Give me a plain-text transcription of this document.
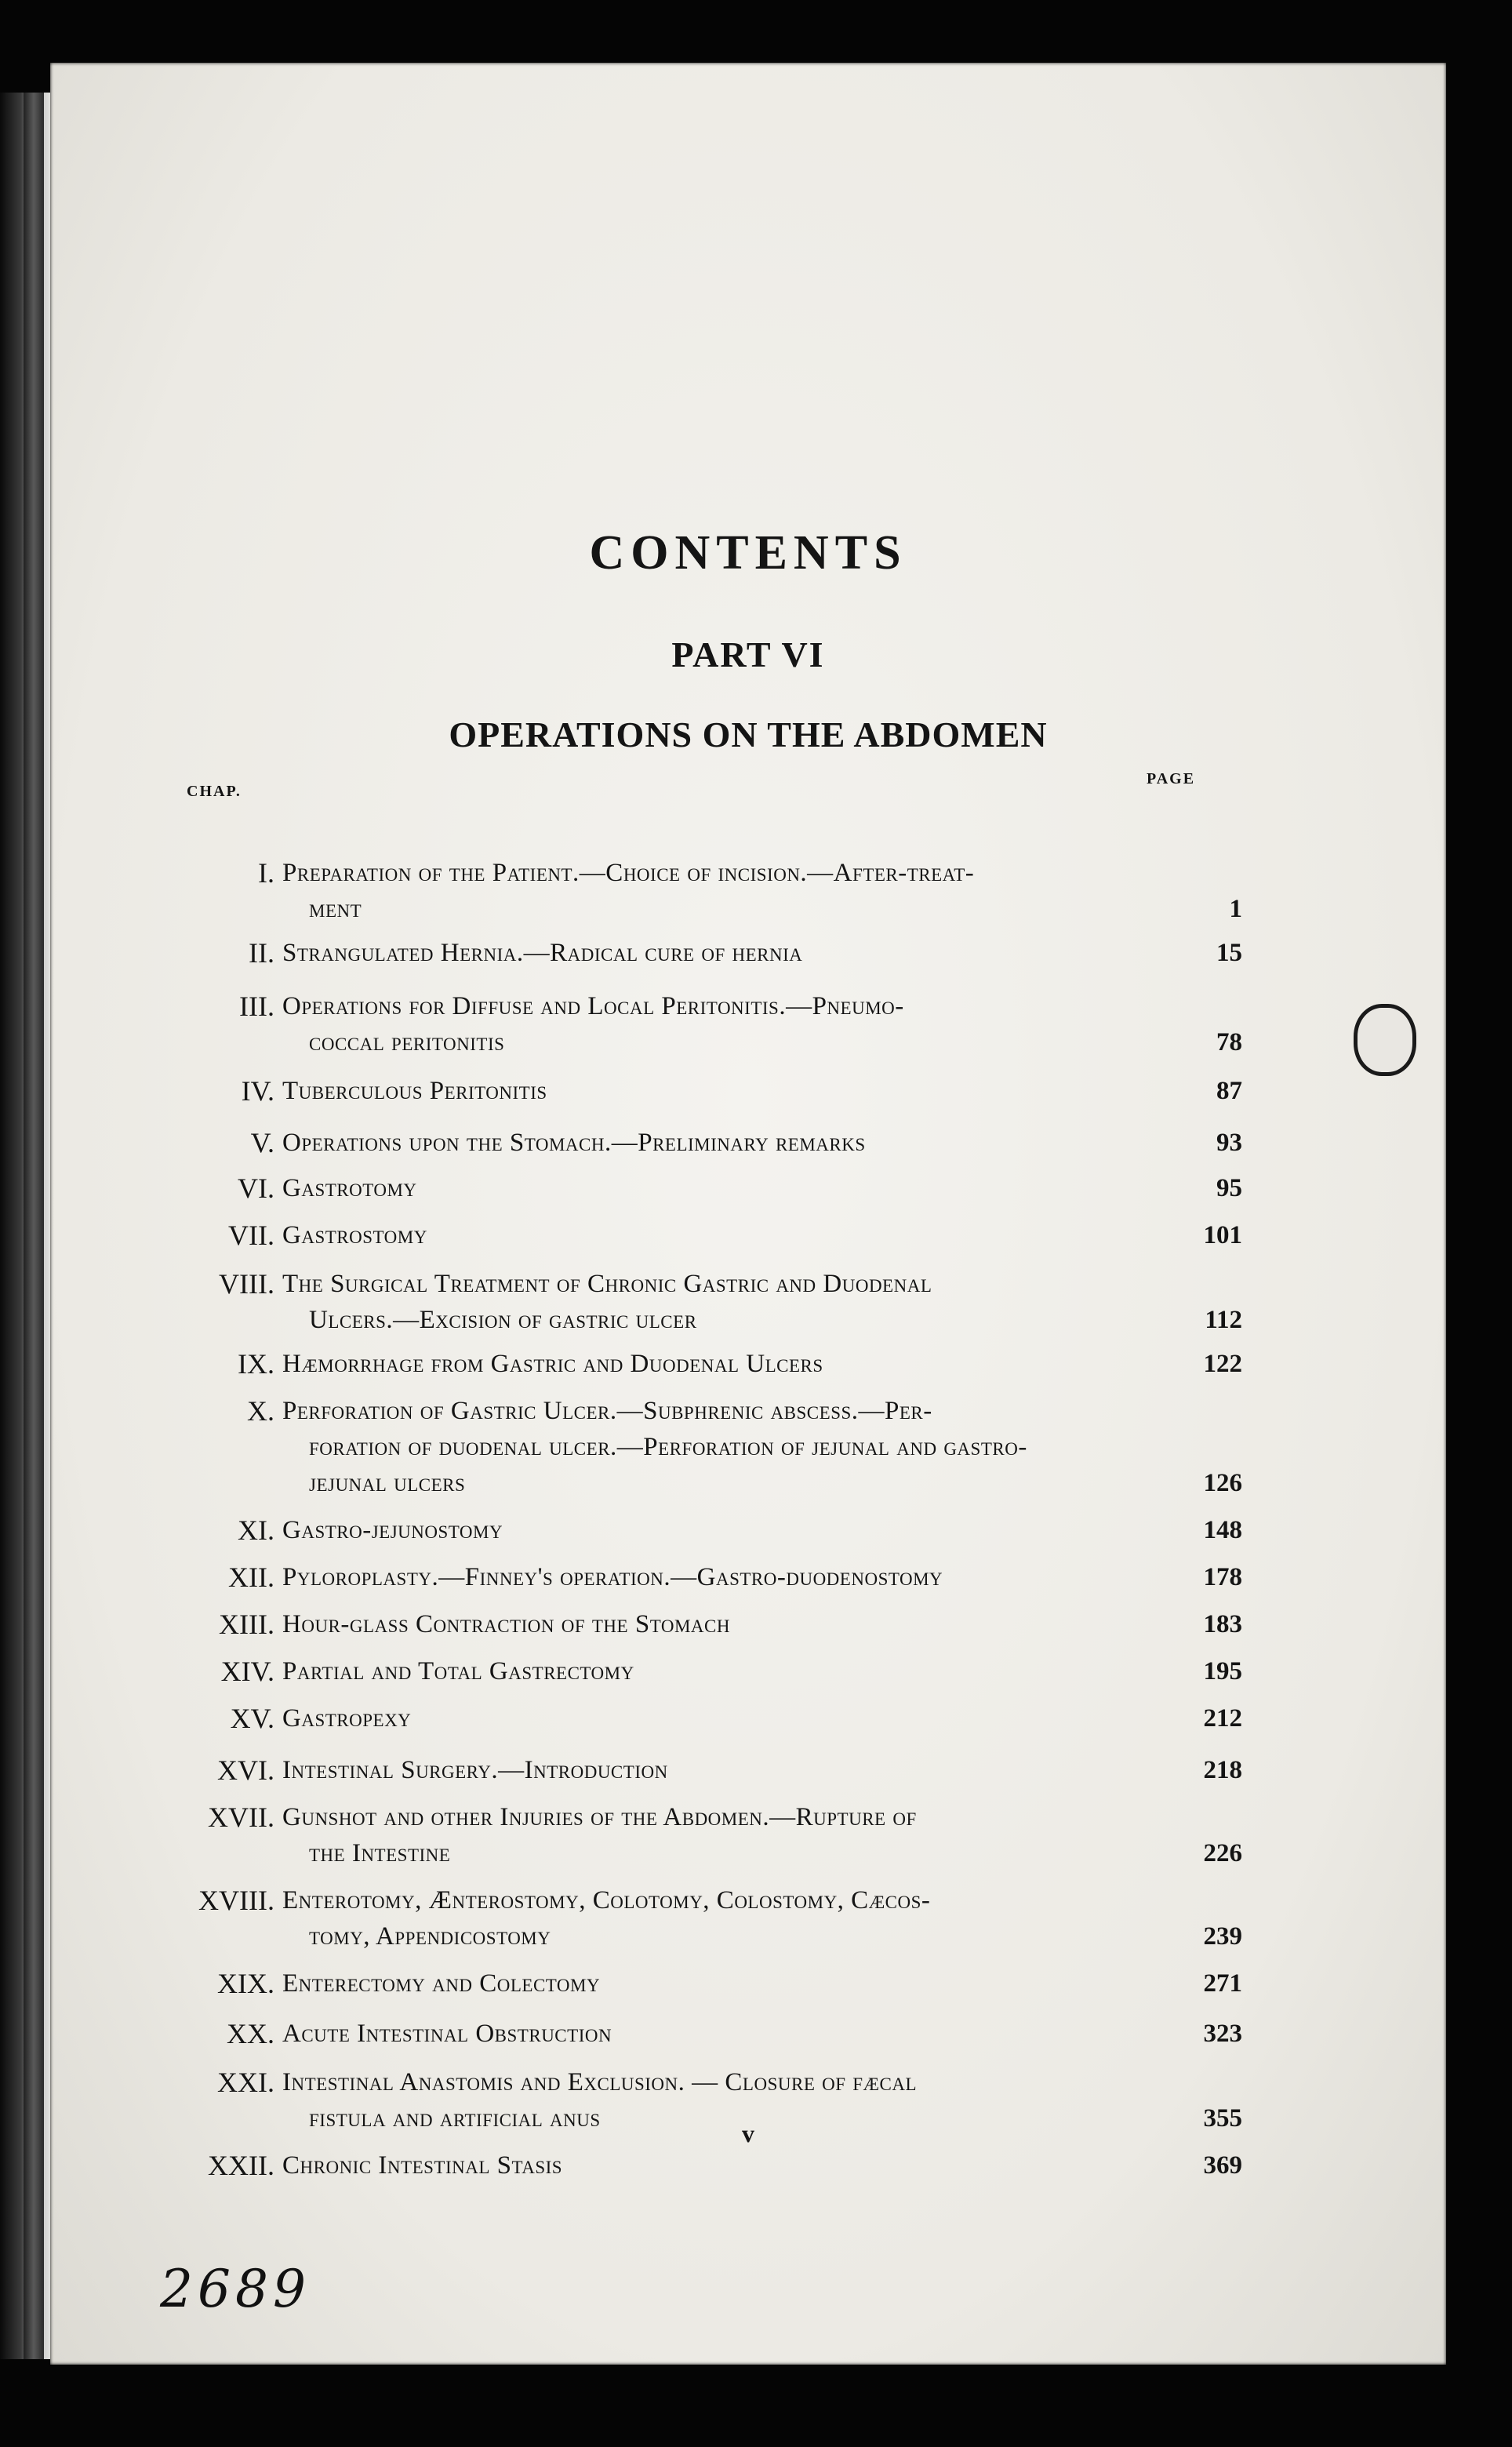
CONTENTS
PART VI
OPERATIONS ON THE ABDOMEN
CHAP.
PAGE
I. Preparation of the Patient.—Choice of incision.—After-treat-
ment	1
II. Strangulated Hernia.—Radical cure of hernia	15
III. Operations for Diffuse and Local Peritonitis.—Pneumo-
coccal peritonitis	78
IV. Tuberculous Peritonitis	87
V. Operations upon the Stomach.—Preliminary remarks	93
VI. Gastrotomy	95
VII. Gastrostomy	101
VIII. The Surgical Treatment of Chronic Gastric and Duodenal
Ulcers.—Excision of gastric ulcer	112
IX. Hæmorrhage from Gastric and Duodenal Ulcers	122
X. Perforation of Gastric Ulcer.—Subphrenic abscess.—Per-
foration of duodenal ulcer.—Perforation of jejunal and gastro-
jejunal ulcers	126
XI. Gastro-jejunostomy	148
XII. Pyloroplasty.—Finney's operation.—Gastro-duodenostomy	178
XIII. Hour-glass Contraction of the Stomach	183
XIV. Partial and Total Gastrectomy	195
XV. Gastropexy	212
XVI. Intestinal Surgery.—Introduction	218
XVII. Gunshot and other Injuries of the Abdomen.—Rupture of
the Intestine	226
XVIII. Enterotomy, Ænterostomy, Colotomy, Colostomy, Cæcos-
tomy, Appendicostomy	239
XIX. Enterectomy and Colectomy	271
XX. Acute Intestinal Obstruction	323
XXI. Intestinal Anastomis and Exclusion. — Closure of fæcal
fistula and artificial anus	355
XXII. Chronic Intestinal Stasis	369
v
2689
